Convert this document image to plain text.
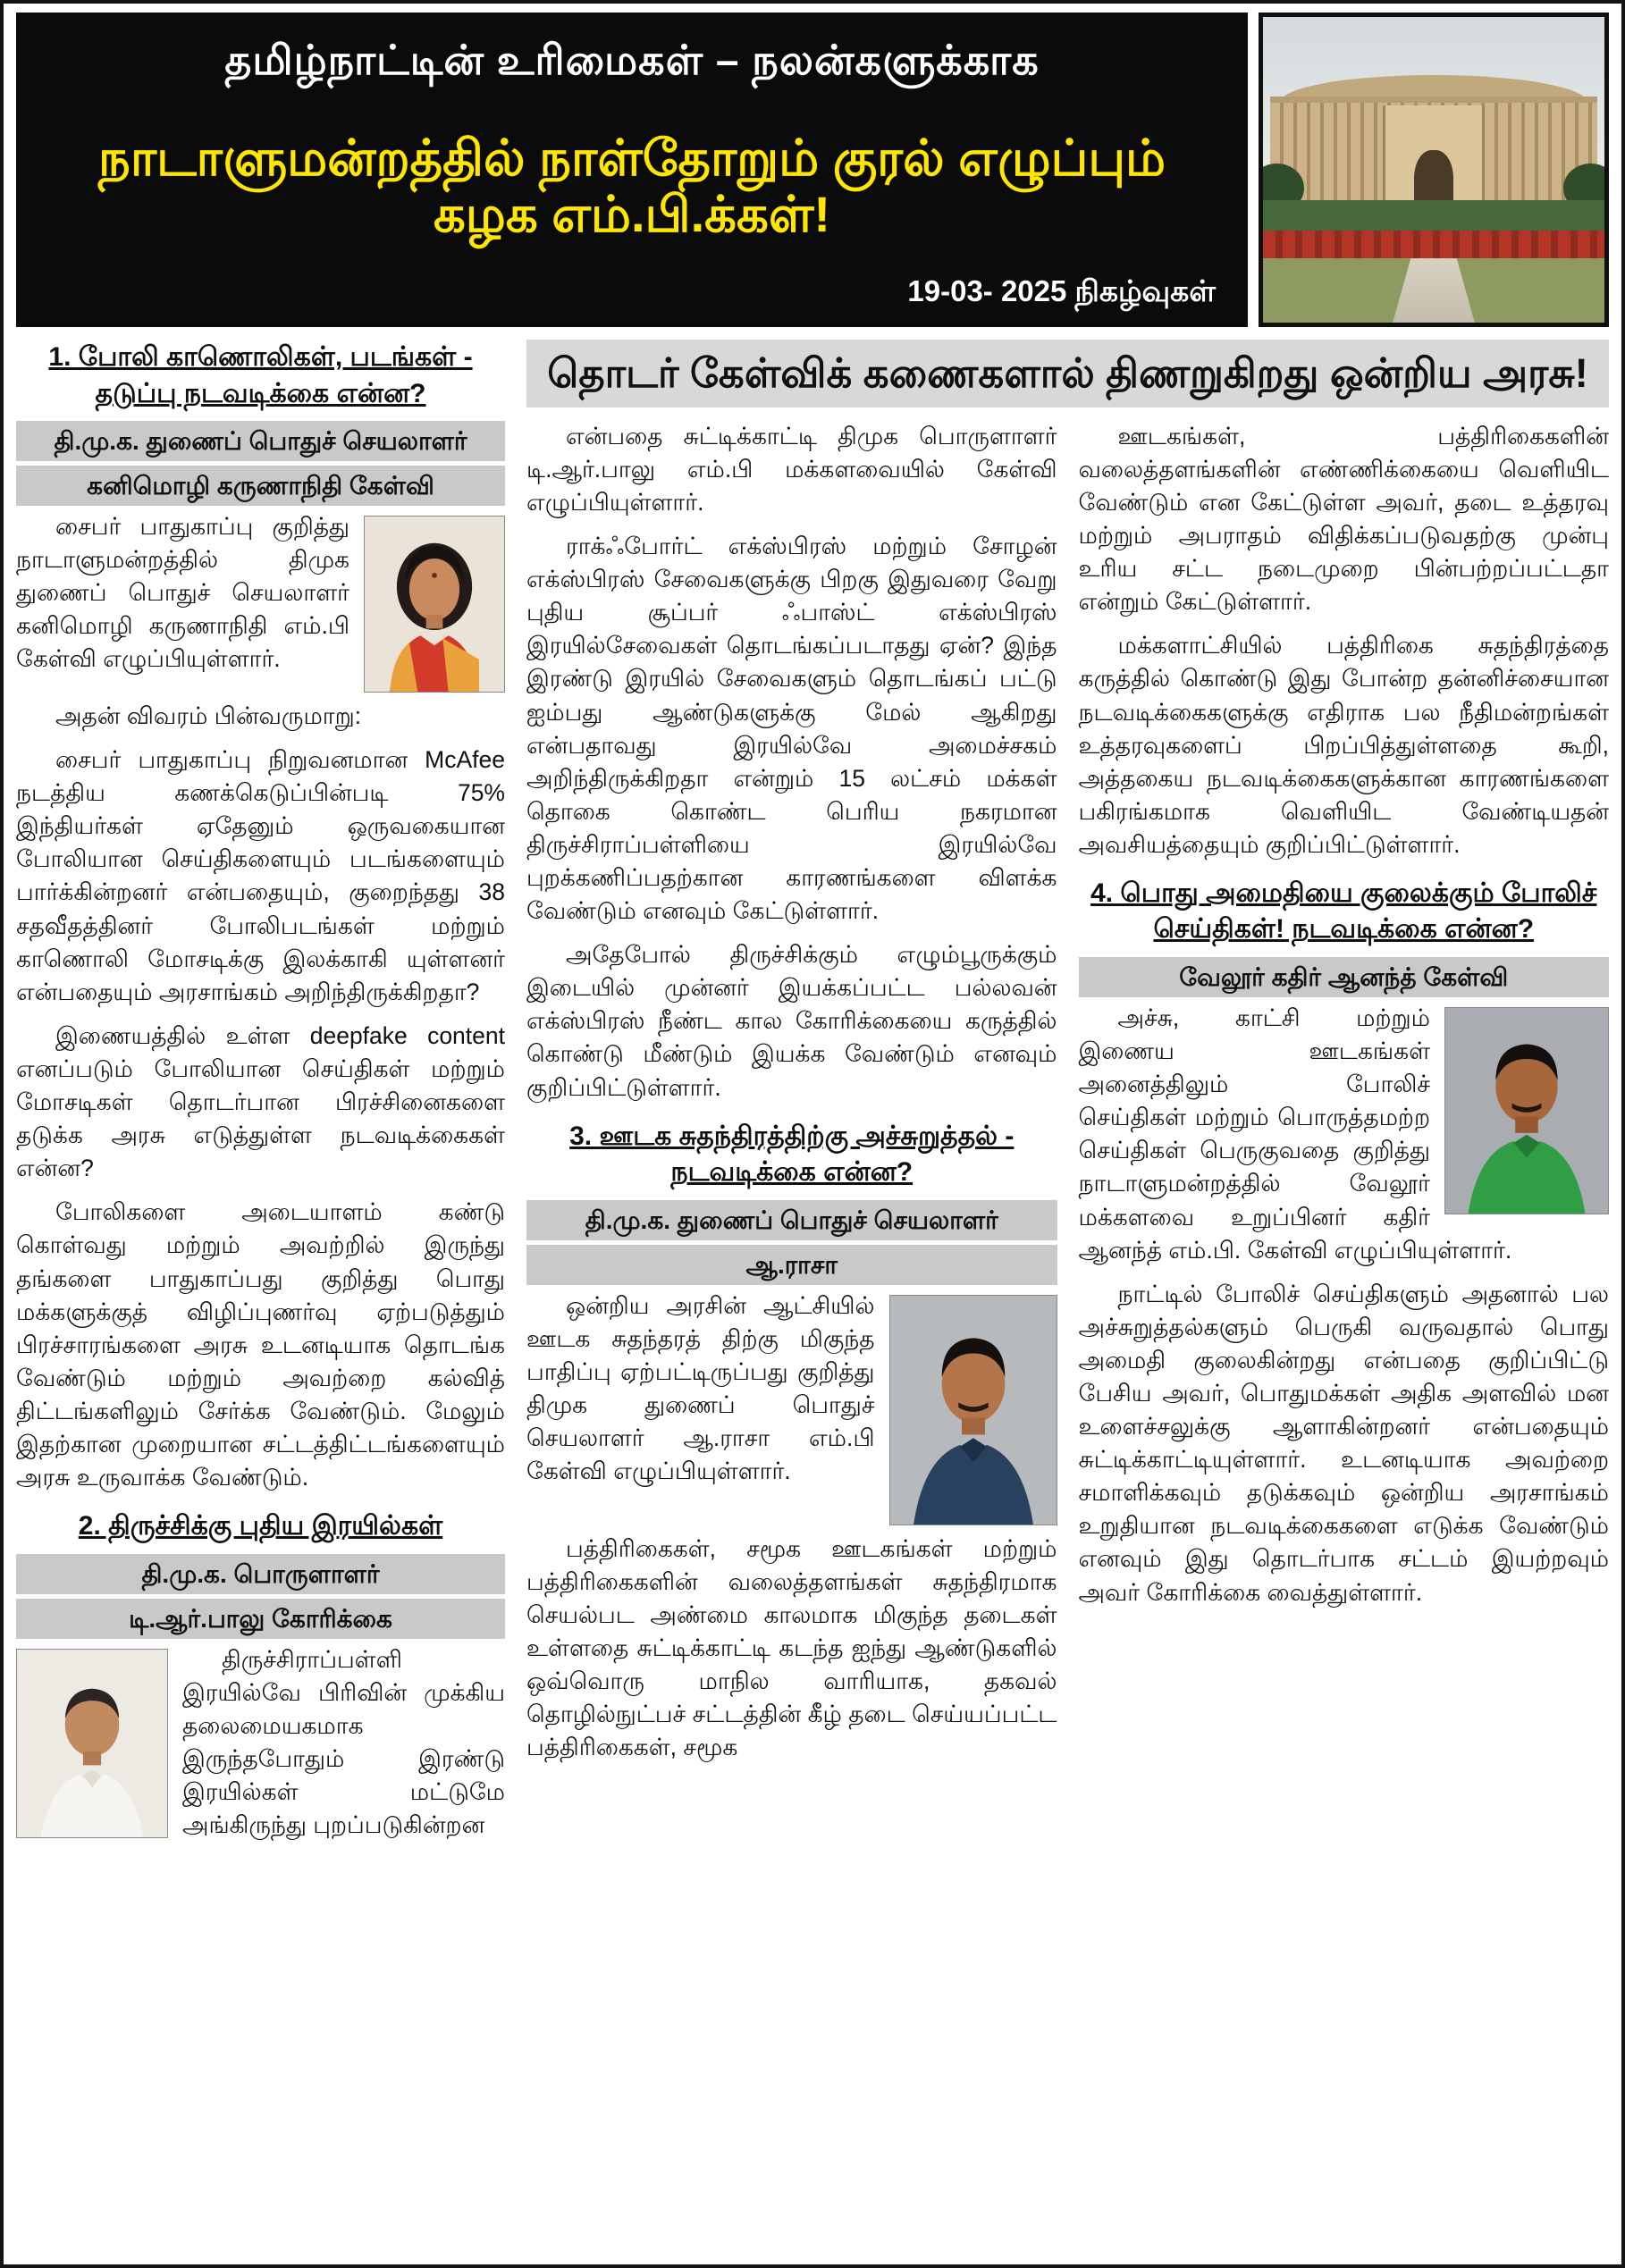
தமிழ்நாட்டின் உரிமைகள் – நலன்களுக்காக
நாடாளுமன்றத்தில் நாள்தோறும் குரல் எழுப்பும் கழக எம்.பி.க்கள்!
19-03- 2025 நிகழ்வுகள்
1. போலி காணொலிகள், படங்கள் - தடுப்பு நடவடிக்கை என்ன?
தி.மு.க. துணைப் பொதுச் செயலாளர்
கனிமொழி கருணாநிதி கேள்வி

சைபர் பாதுகாப்பு குறித்து நாடாளுமன்றத்தில் திமுக துணைப் பொதுச் செயலாளர் கனிமொழி கருணாநிதி எம்.பி கேள்வி எழுப்பியுள்ளார்.

அதன் விவரம் பின்வருமாறு:

சைபர் பாதுகாப்பு நிறுவனமான McAfee நடத்திய கணக்கெடுப்பின்படி 75% இந்தியர்கள் ஏதேனும் ஒருவகையான போலியான செய்திகளையும் படங்களையும் பார்க்கின்றனர் என்பதையும், குறைந்தது 38 சதவீதத்தினர் போலிபடங்கள் மற்றும் காணொலி மோசடிக்கு இலக்காகி யுள்ளனர் என்பதையும் அரசாங்கம் அறிந்திருக்கிறதா?

இணையத்தில் உள்ள deepfake content எனப்படும் போலியான செய்திகள் மற்றும் மோசடிகள் தொடர்பான பிரச்சினைகளை தடுக்க அரசு எடுத்துள்ள நடவடிக்கைகள் என்ன?

போலிகளை அடையாளம் கண்டு கொள்வது மற்றும் அவற்றில் இருந்து தங்களை பாதுகாப்பது குறித்து பொது மக்களுக்குத் விழிப்புணர்வு ஏற்படுத்தும் பிரச்சாரங்களை அரசு உடனடியாக தொடங்க வேண்டும் மற்றும் அவற்றை கல்வித் திட்டங்களிலும் சேர்க்க வேண்டும். மேலும் இதற்கான முறையான சட்டத்திட்டங்களையும் அரசு உருவாக்க வேண்டும்.

2. திருச்சிக்கு புதிய இரயில்கள்
தி.மு.க. பொருளாளர்
டி.ஆர்.பாலு கோரிக்கை

திருச்சிராப்பள்ளி இரயில்வே பிரிவின் முக்கிய தலைமையகமாக இருந்தபோதும் இரண்டு இரயில்கள் மட்டுமே அங்கிருந்து புறப்படுகின்றன

தொடர் கேள்விக் கணைகளால் திணறுகிறது ஒன்றிய அரசு!

என்பதை சுட்டிக்காட்டி திமுக பொருளாளர் டி.ஆர்.பாலு எம்.பி மக்களவையில் கேள்வி எழுப்பியுள்ளார்.

ராக்ஃபோர்ட் எக்ஸ்பிரஸ் மற்றும் சோழன் எக்ஸ்பிரஸ் சேவைகளுக்கு பிறகு இதுவரை வேறு புதிய சூப்பர் ஃபாஸ்ட் எக்ஸ்பிரஸ் இரயில்சேவைகள் தொடங்கப்படாதது ஏன்? இந்த இரண்டு இரயில் சேவைகளும் தொடங்கப் பட்டு ஐம்பது ஆண்டுகளுக்கு மேல் ஆகிறது என்பதாவது இரயில்வே அமைச்சகம் அறிந்திருக்கிறதா என்றும் 15 லட்சம் மக்கள் தொகை கொண்ட பெரிய நகரமான திருச்சிராப்பள்ளியை இரயில்வே புறக்கணிப்பதற்கான காரணங்களை விளக்க வேண்டும் எனவும் கேட்டுள்ளார்.

அதேபோல் திருச்சிக்கும் எழும்பூருக்கும் இடையில் முன்னர் இயக்கப்பட்ட பல்லவன் எக்ஸ்பிரஸ் நீண்ட கால கோரிக்கையை கருத்தில் கொண்டு மீண்டும் இயக்க வேண்டும் எனவும் குறிப்பிட்டுள்ளார்.

3. ஊடக சுதந்திரத்திற்கு அச்சுறுத்தல் - நடவடிக்கை என்ன?
தி.மு.க. துணைப் பொதுச் செயலாளர்
ஆ.ராசா

ஒன்றிய அரசின் ஆட்சியில் ஊடக சுதந்தரத் திற்கு மிகுந்த பாதிப்பு ஏற்பட்டிருப்பது குறித்து திமுக துணைப் பொதுச் செயலாளர் ஆ.ராசா எம்.பி கேள்வி எழுப்பியுள்ளார்.

பத்திரிகைகள், சமூக ஊடகங்கள் மற்றும் பத்திரிகைகளின் வலைத்தளங்கள் சுதந்திரமாக செயல்பட அண்மை காலமாக மிகுந்த தடைகள் உள்ளதை சுட்டிக்காட்டி கடந்த ஐந்து ஆண்டுகளில் ஒவ்வொரு மாநில வாரியாக, தகவல் தொழில்நுட்பச் சட்டத்தின் கீழ் தடை செய்யப்பட்ட பத்திரிகைகள், சமூக

ஊடகங்கள், பத்திரிகைகளின் வலைத்தளங்களின் எண்ணிக்கையை வெளியிட வேண்டும் என கேட்டுள்ள அவர், தடை உத்தரவு மற்றும் அபராதம் விதிக்கப்படுவதற்கு முன்பு உரிய சட்ட நடைமுறை பின்பற்றப்பட்டதா என்றும் கேட்டுள்ளார்.

மக்களாட்சியில் பத்திரிகை சுதந்திரத்தை கருத்தில் கொண்டு இது போன்ற தன்னிச்சையான நடவடிக்கைகளுக்கு எதிராக பல நீதிமன்றங்கள் உத்தரவுகளைப் பிறப்பித்துள்ளதை கூறி, அத்தகைய நடவடிக்கைகளுக்கான காரணங்களை பகிரங்கமாக வெளியிட வேண்டியதன் அவசியத்தையும் குறிப்பிட்டுள்ளார்.

4. பொது அமைதியை குலைக்கும் போலிச் செய்திகள்! நடவடிக்கை என்ன?
வேலூர் கதிர் ஆனந்த் கேள்வி

அச்சு, காட்சி மற்றும் இணைய ஊடகங்கள் அனைத்திலும் போலிச் செய்திகள் மற்றும் பொருத்தமற்ற செய்திகள் பெருகுவதை குறித்து நாடாளுமன்றத்தில் வேலூர் மக்களவை உறுப்பினர் கதிர் ஆனந்த் எம்.பி. கேள்வி எழுப்பியுள்ளார்.

நாட்டில் போலிச் செய்திகளும் அதனால் பல அச்சுறுத்தல்களும் பெருகி வருவதால் பொது அமைதி குலைகின்றது என்பதை குறிப்பிட்டு பேசிய அவர், பொதுமக்கள் அதிக அளவில் மன உளைச்சலுக்கு ஆளாகின்றனர் என்பதையும் சுட்டிக்காட்டியுள்ளார். உடனடியாக அவற்றை சமாளிக்கவும் தடுக்கவும் ஒன்றிய அரசாங்கம் உறுதியான நடவடிக்கைகளை எடுக்க வேண்டும் எனவும் இது தொடர்பாக சட்டம் இயற்றவும் அவர் கோரிக்கை வைத்துள்ளார்.
